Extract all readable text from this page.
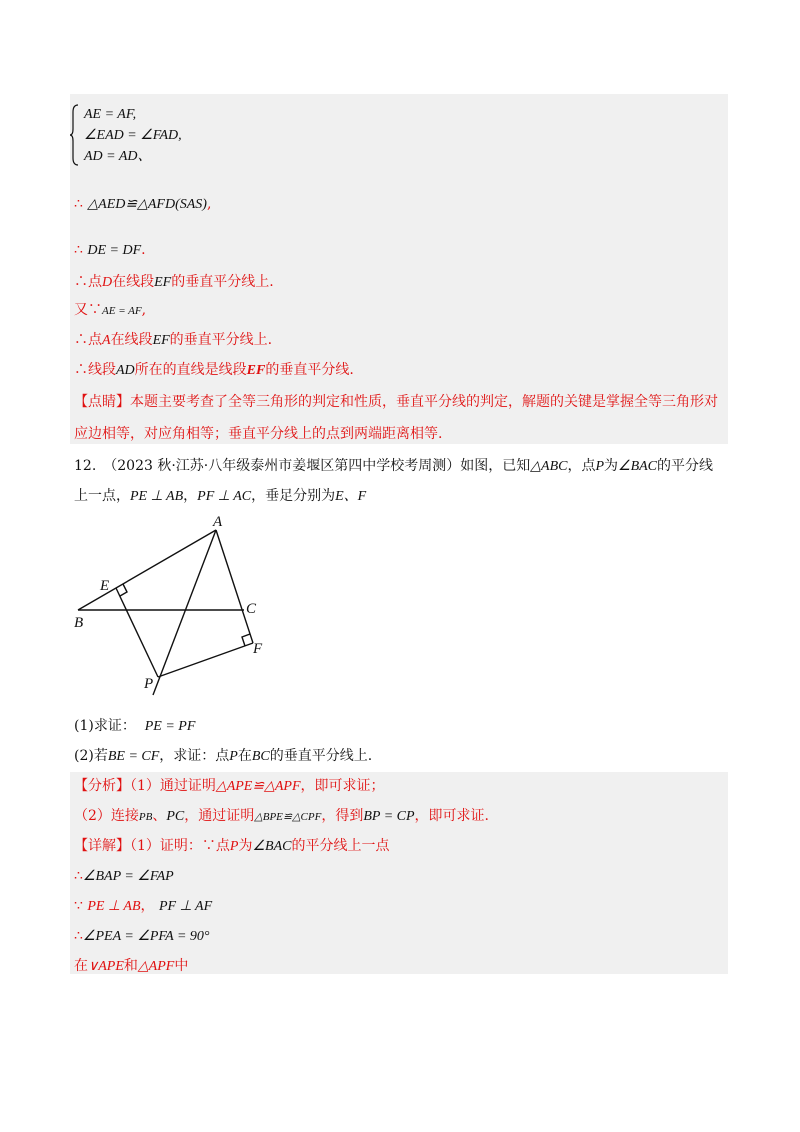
AE = AF,
∠EAD = ∠FAD,
AD = AD、
∴ △AED≌△AFD(SAS),
∴ DE = DF.
∴点D在线段EF的垂直平分线上.
又∵AE = AF,
∴点A在线段EF的垂直平分线上.
∴线段AD所在的直线是线段EF的垂直平分线.
【点睛】本题主要考查了全等三角形的判定和性质，垂直平分线的判定，解题的关键是掌握全等三角形对
应边相等，对应角相等；垂直平分线上的点到两端距离相等.
12.　（2023 秋·江苏·八年级泰州市姜堰区第四中学校考周测）如图，已知△ABC，点P为∠BAC的平分线
上一点，PE ⊥ AB，PF ⊥ AC，垂足分别为E、F
A
B
C
E
F
P
(1)求证： PE = PF
(2)若BE = CF，求证：点P在BC的垂直平分线上.
【分析】（1）通过证明△APE≌△APF，即可求证；
（2）连接PB、PC，通过证明△BPE≌△CPF，得到BP = CP，即可求证.
【详解】（1）证明：∵点P为∠BAC的平分线上一点
∴∠BAP = ∠FAP
∵ PE ⊥ AB， PF ⊥ AF
∴∠PEA = ∠PFA = 90°
在∨APE和△APF中
